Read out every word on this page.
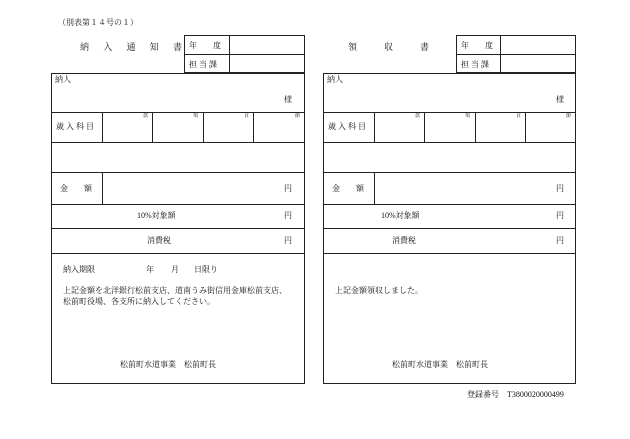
（別表第１４号の１）
納 入 通 知 書 年　　度
担 当 課
納人
様
歳 入 科 目
款	項	目	節
金　　額	円
10%対象額	円
消費税	円
納入期限	年 月 日限り
上記金額を北洋銀行松前支店、道南うみ街信用金庫松前支店、
松前町役場、各支所に納入してください。
松前町水道事業　松前町長
領　　　収　　　書	年　　度
担 当 課
納人
様
歳 入 科 目
款	項	目	節
金　　額	円
10%対象額	円
消費税	円
上記金額領収しました。
松前町水道事業　松前町長
登録番号　T3800020000499
